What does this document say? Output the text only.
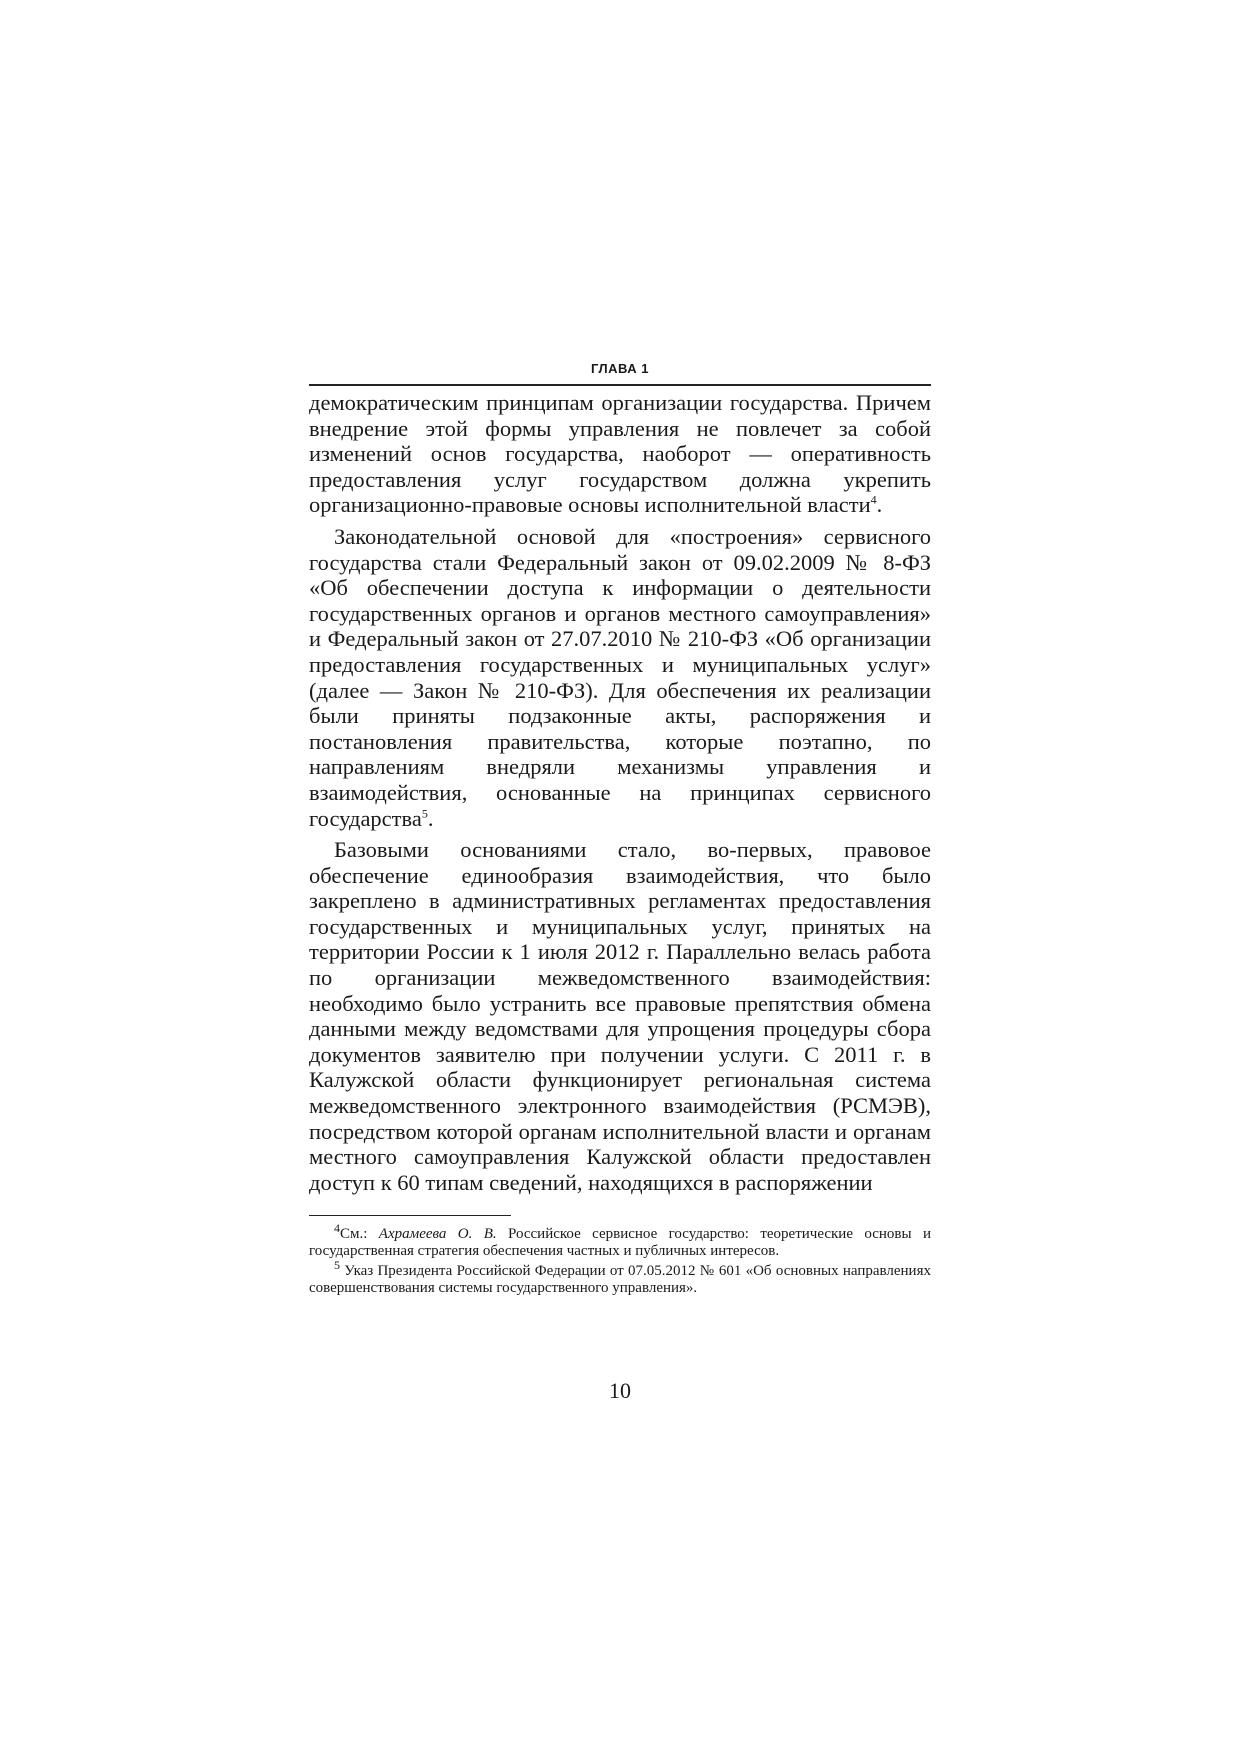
ГЛАВА 1

демократическим принципам организации государства. Причем внедрение этой формы управления не повлечет за собой изменений основ государства, наоборот — оперативность предоставления услуг государством должна укрепить организационно-правовые основы исполнительной власти$^4$.

Законодательной основой для «построения» сервисного государства стали Федеральный закон от 09.02.2009 № 8-ФЗ «Об обеспечении доступа к информации о деятельности государственных органов и органов местного самоуправления» и Федеральный закон от 27.07.2010 № 210-ФЗ «Об организации предоставления государственных и муниципальных услуг» (далее — Закон № 210-ФЗ). Для обеспечения их реализации были приняты подзаконные акты, распоряжения и постановления правительства, которые поэтапно, по направлениям внедряли механизмы управления и взаимодействия, основанные на принципах сервисного государства$^5$.

Базовыми основаниями стало, во-первых, правовое обеспечение единообразия взаимодействия, что было закреплено в административных регламентах предоставления государственных и муниципальных услуг, принятых на территории России к 1 июля 2012 г. Параллельно велась работа по организации межведомственного взаимодействия: необходимо было устранить все правовые препятствия обмена данными между ведомствами для упрощения процедуры сбора документов заявителю при получении услуги. С 2011 г. в Калужской области функционирует региональная система межведомственного электронного взаимодействия (РСМЭВ), посредством которой органам исполнительной власти и органам местного самоуправления Калужской области предоставлен доступ к 60 типам сведений, находящихся в распоряжении

$^4$См.: Ахрамеева О. В. Российское сервисное государство: теоретические основы и государственная стратегия обеспечения частных и публичных интересов.

$^5$ Указ Президента Российской Федерации от 07.05.2012 № 601 «Об основных направлениях совершенствования системы государственного управления».

10
